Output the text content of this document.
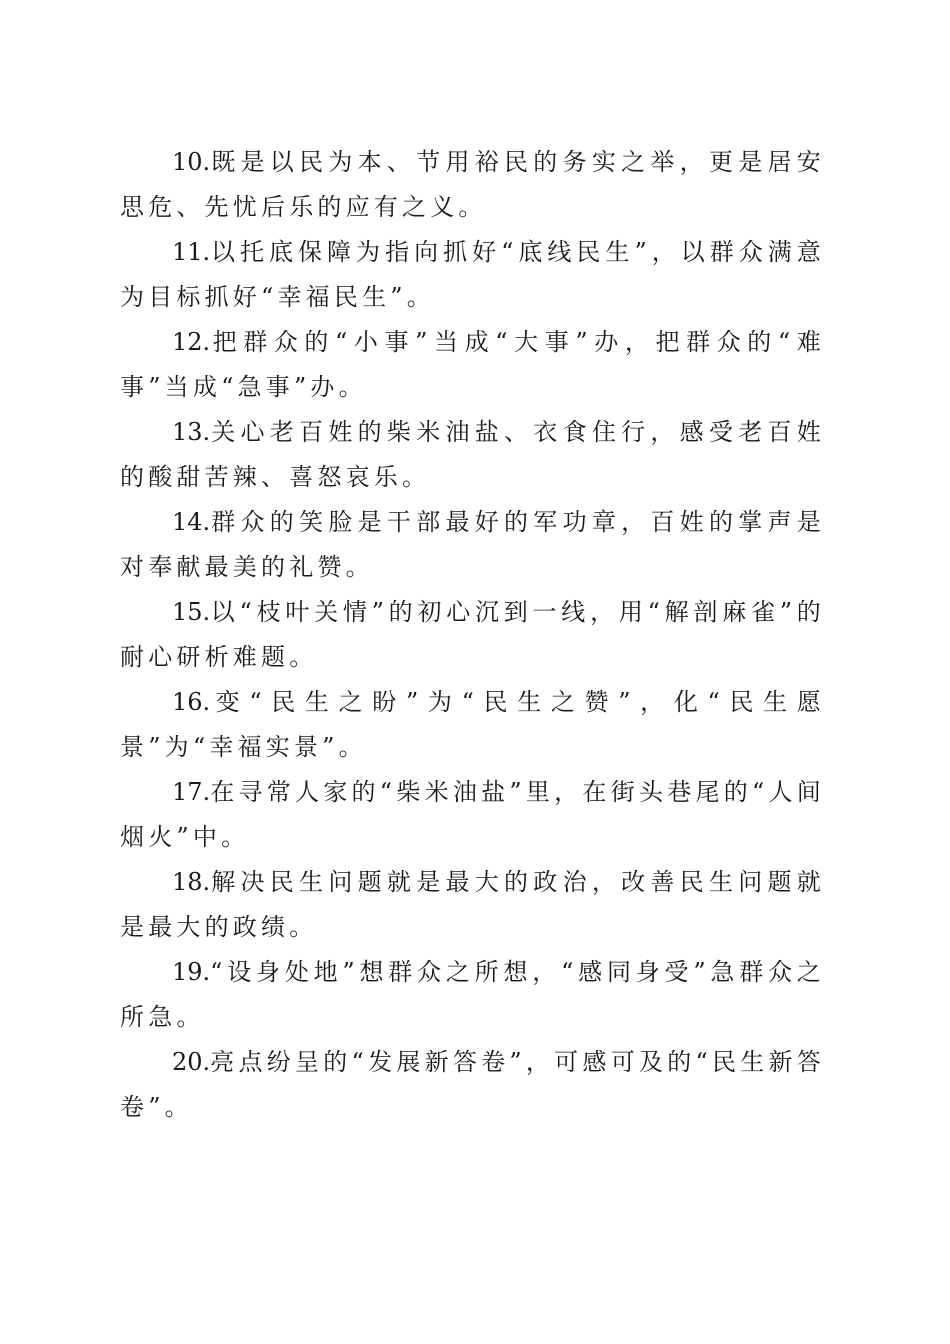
10.既是以民为本、节用裕民的务实之举，更是居安思危、先忧后乐的应有之义。

11.以托底保障为指向抓好“底线民生”，以群众满意为目标抓好“幸福民生”。

12.把群众的“小事”当成“大事”办，把群众的“难事”当成“急事”办。

13.关心老百姓的柴米油盐、衣食住行，感受老百姓的酸甜苦辣、喜怒哀乐。

14.群众的笑脸是干部最好的军功章，百姓的掌声是对奉献最美的礼赞。

15.以“枝叶关情”的初心沉到一线，用“解剖麻雀”的耐心研析难题。

16.变“民生之盼”为“民生之赞”，化“民生愿景”为“幸福实景”。

17.在寻常人家的“柴米油盐”里，在街头巷尾的“人间烟火”中。

18.解决民生问题就是最大的政治，改善民生问题就是最大的政绩。

19.“设身处地”想群众之所想，“感同身受”急群众之所急。

20.亮点纷呈的“发展新答卷”，可感可及的“民生新答卷”。
